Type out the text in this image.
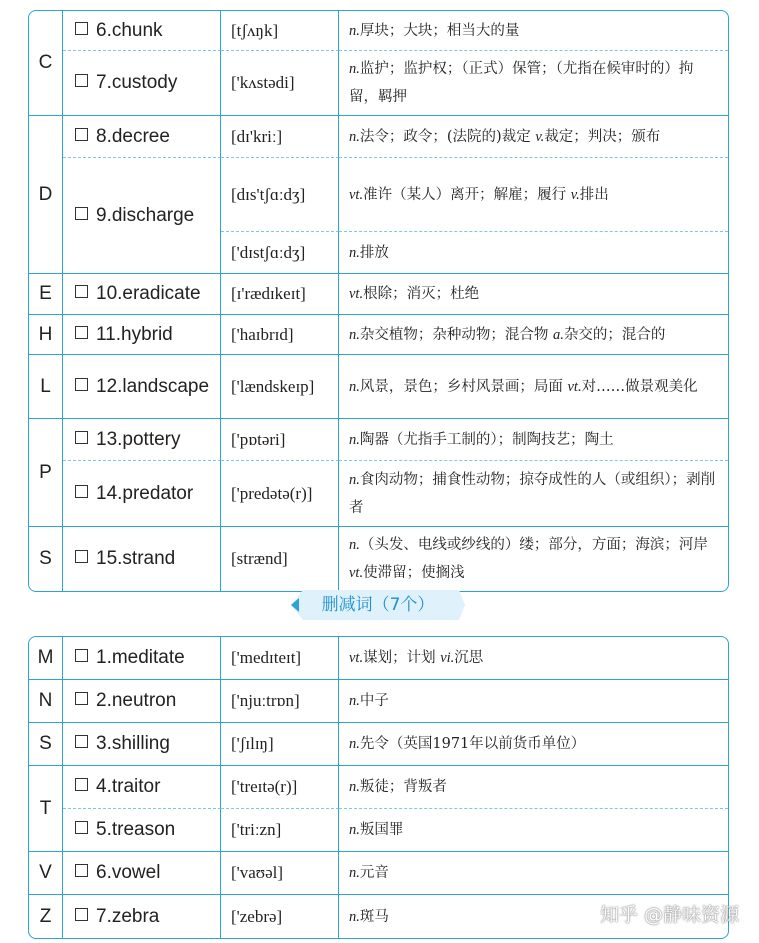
C	6.chunk	[tʃʌŋk]	n.厚块；大块；相当大的量
	7.custody	['kʌstədi]	n.监护；监护权；（正式）保管；（尤指在候审时的）拘留，羁押
D	8.decree	[dɪ'kriː]	n.法令；政令；(法院的)裁定 v.裁定；判决；颁布
	9.discharge	[dɪs'tʃɑːdʒ]	vt.准许（某人）离开；解雇；履行 v.排出
		['dɪstʃɑːdʒ]	n.排放
E	10.eradicate	[ɪ'rædɪkeɪt]	vt.根除；消灭；杜绝
H	11.hybrid	['haɪbrɪd]	n.杂交植物；杂种动物；混合物 a.杂交的；混合的
L	12.landscape	['lændskeɪp]	n.风景，景色；乡村风景画；局面 vt.对……做景观美化
P	13.pottery	['pɒtəri]	n.陶器（尤指手工制的）；制陶技艺；陶土
	14.predator	['predətə(r)]	n.食肉动物；捕食性动物；掠夺成性的人（或组织）；剥削者
S	15.strand	[strænd]	n.（头发、电线或纱线的）缕；部分，方面；海滨；河岸 vt.使滞留；使搁浅
删减词（7个）
M	1.meditate	['medɪteɪt]	vt.谋划；计划 vi.沉思
N	2.neutron	['njuːtrɒn]	n.中子
S	3.shilling	['ʃɪlɪŋ]	n.先令（英国1971年以前货币单位）
T	4.traitor	['treɪtə(r)]	n.叛徒；背叛者
	5.treason	['triːzn]	n.叛国罪
V	6.vowel	['vaʊəl]	n.元音
Z	7.zebra	['zebrə]	n.斑马	知乎 @静味资源
